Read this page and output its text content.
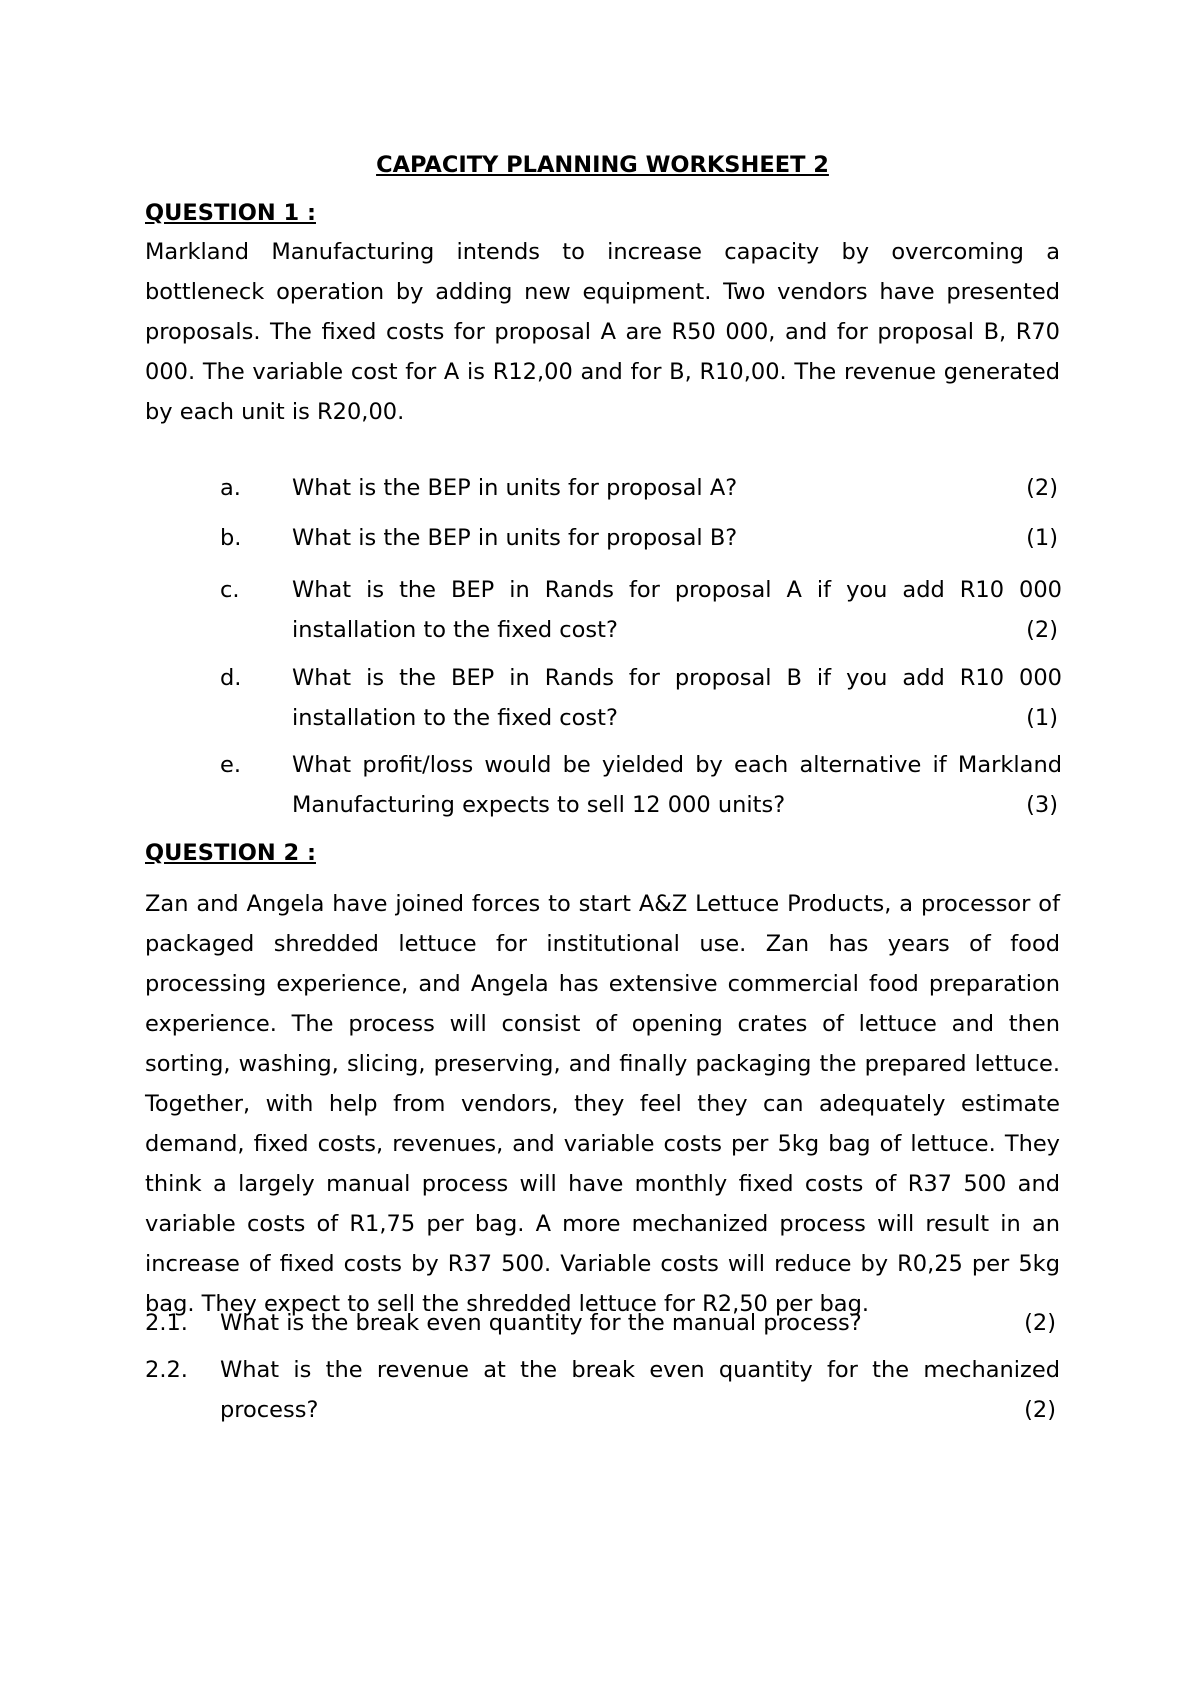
CAPACITY PLANNING WORKSHEET 2
QUESTION 1 :

Markland Manufacturing intends to increase capacity by overcoming a bottleneck operation by adding new equipment. Two vendors have presented proposals. The fixed costs for proposal A are R50 000, and for proposal B, R70 000. The variable cost for A is R12,00 and for B, R10,00. The revenue generated by each unit is R20,00.

a. What is the BEP in units for proposal A?	(2)

b. What is the BEP in units for proposal B?	(1)

c. What is the BEP in Rands for proposal A if you add R10 000 installation to the fixed cost?	(2)

d. What is the BEP in Rands for proposal B if you add R10 000 installation to the fixed cost?	(1)

e. What profit/loss would be yielded by each alternative if Markland Manufacturing expects to sell 12 000 units?	(3)

QUESTION 2 :

Zan and Angela have joined forces to start A&Z Lettuce Products, a processor of packaged shredded lettuce for institutional use. Zan has years of food processing experience, and Angela has extensive commercial food preparation experience. The process will consist of opening crates of lettuce and then sorting, washing, slicing, preserving, and finally packaging the prepared lettuce. Together, with help from vendors, they feel they can adequately estimate demand, fixed costs, revenues, and variable costs per 5kg bag of lettuce. They think a largely manual process will have monthly fixed costs of R37 500 and variable costs of R1,75 per bag. A more mechanized process will result in an increase of fixed costs by R37 500. Variable costs will reduce by R0,25 per 5kg bag. They expect to sell the shredded lettuce for R2,50 per bag.

2.1. What is the break even quantity for the manual process?	(2)

2.2. What is the revenue at the break even quantity for the mechanized process?	(2)
